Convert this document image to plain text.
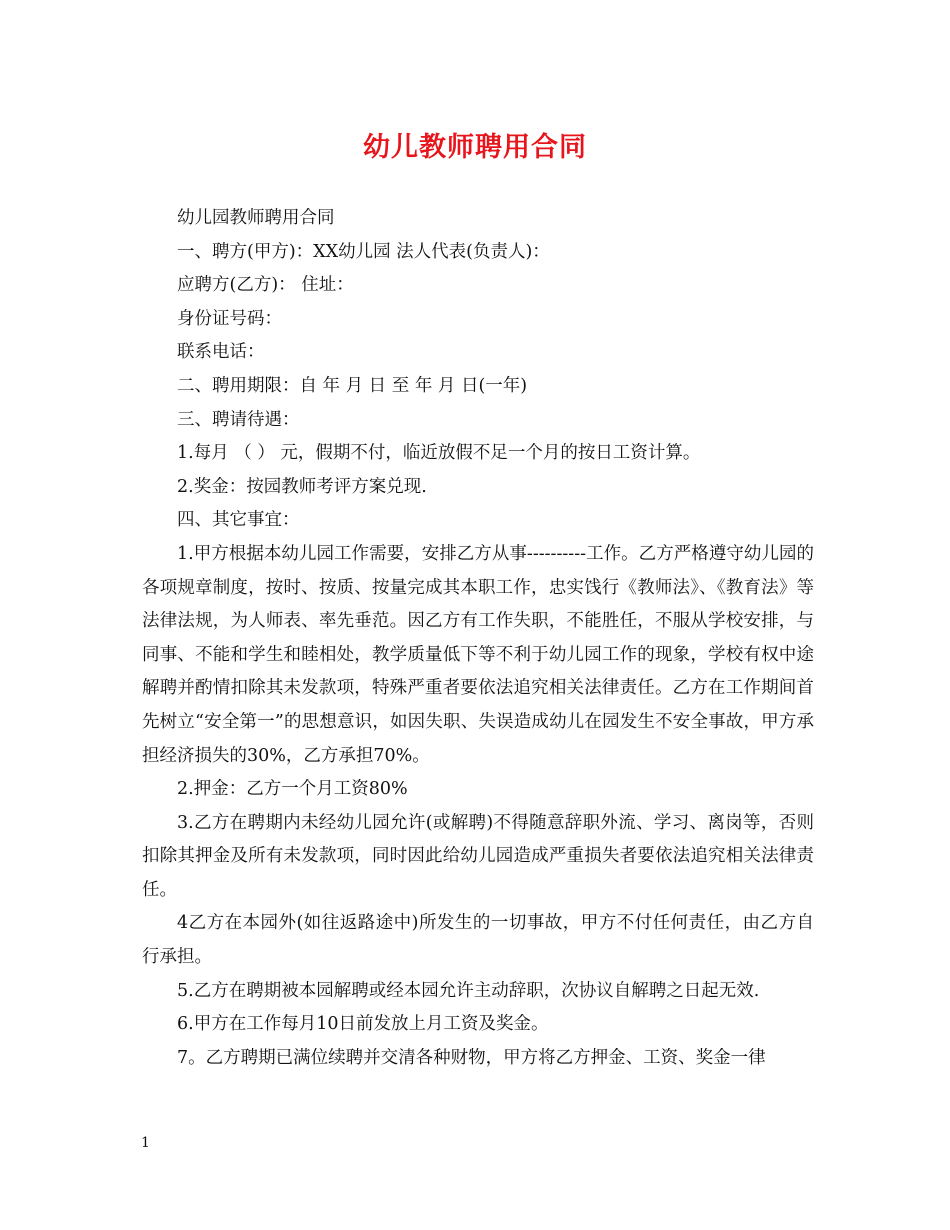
幼儿教师聘用合同

幼儿园教师聘用合同

一、聘方(甲方)：XX幼儿园 法人代表(负责人)：

应聘方(乙方)： 住址：

身份证号码：

联系电话：

二、聘用期限：自 年 月 日 至 年 月 日(一年)

三、聘请待遇：

1.每月 （ ） 元，假期不付，临近放假不足一个月的按日工资计算。

2.奖金：按园教师考评方案兑现.

四、其它事宜：

1.甲方根据本幼儿园工作需要，安排乙方从事----------工作。乙方严格遵守幼儿园的各项规章制度，按时、按质、按量完成其本职工作，忠实饯行《教师法》、《教育法》等法律法规，为人师表、率先垂范。因乙方有工作失职，不能胜任，不服从学校安排，与同事、不能和学生和睦相处，教学质量低下等不利于幼儿园工作的现象，学校有权中途解聘并酌情扣除其未发款项，特殊严重者要依法追究相关法律责任。乙方在工作期间首先树立“安全第一”的思想意识，如因失职、失误造成幼儿在园发生不安全事故，甲方承担经济损失的30%，乙方承担70%。

2.押金：乙方一个月工资80%

3.乙方在聘期内未经幼儿园允许(或解聘)不得随意辞职外流、学习、离岗等，否则扣除其押金及所有未发款项，同时因此给幼儿园造成严重损失者要依法追究相关法律责任。

4乙方在本园外(如往返路途中)所发生的一切事故，甲方不付任何责任，由乙方自行承担。

5.乙方在聘期被本园解聘或经本园允许主动辞职，次协议自解聘之日起无效.

6.甲方在工作每月10日前发放上月工资及奖金。

7。乙方聘期已满位续聘并交清各种财物，甲方将乙方押金、工资、奖金一律

1
